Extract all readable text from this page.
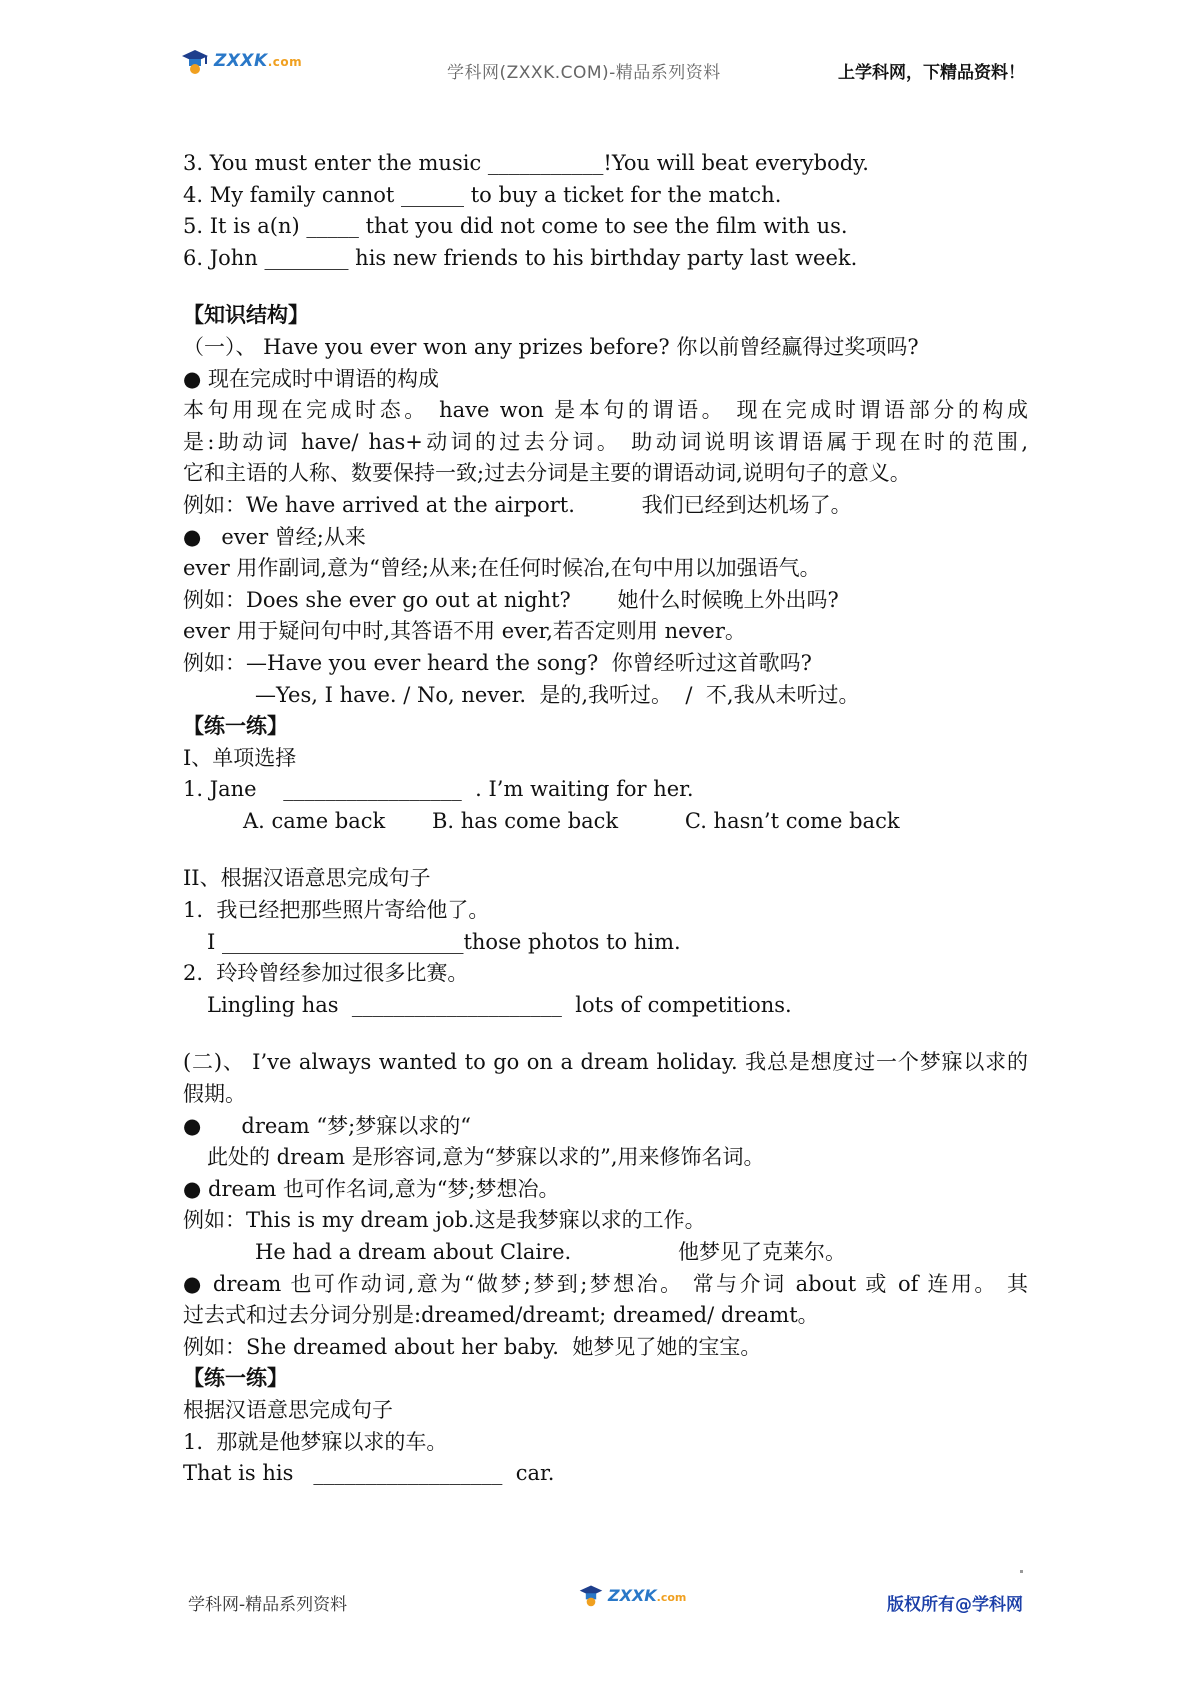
ZXXK.com
学科网(ZXXK.COM)-精品系列资料	上学科网，下精品资料！
3. You must enter the music ___________!You will beat everybody.
4. My family cannot ______ to buy a ticket for the match.
5. It is a(n) _____ that you did not come to see the film with us.
6. John ________ his new friends to his birthday party last week.
【知识结构】
（一）、 Have you ever won any prizes before? 你以前曾经赢得过奖项吗?
● 现在完成时中谓语的构成
本句用现在完成时态。 have won 是本句的谓语。 现在完成时谓语部分的构成
是:助动词 have/ has+动词的过去分词。 助动词说明该谓语属于现在时的范围,
它和主语的人称、数要保持一致;过去分词是主要的谓语动词,说明句子的意义。
例如：We have arrived at the airport.          我们已经到达机场了。
●   ever 曾经;从来
ever 用作副词,意为“曾经;从来;在任何时候冶,在句中用以加强语气。
例如：Does she ever go out at night?       她什么时候晚上外出吗?
ever 用于疑问句中时,其答语不用 ever,若否定则用 never。
例如：—Have you ever heard the song?  你曾经听过这首歌吗?
—Yes, I have. / No, never.  是的,我听过。  /  不,我从未听过。
【练一练】
I、单项选择
1. Jane    _________________  . I’m waiting for her.
A. came back       B. has come back          C. hasn’t come back
II、根据汉语意思完成句子
1.  我已经把那些照片寄给他了。
I _______________________those photos to him.
2.  玲玲曾经参加过很多比赛。
Lingling has  ____________________  lots of competitions.
(二)、 I’ve always wanted to go on a dream holiday. 我总是想度过一个梦寐以求的
假期。
●      dream “梦;梦寐以求的“
此处的 dream 是形容词,意为“梦寐以求的”,用来修饰名词。
● dream 也可作名词,意为“梦;梦想冶。
例如：This is my dream job.这是我梦寐以求的工作。
He had a dream about Claire.                他梦见了克莱尔。
● dream 也可作动词,意为“做梦;梦到;梦想冶。 常与介词 about 或 of 连用。 其
过去式和过去分词分别是:dreamed/dreamt; dreamed/ dreamt。
例如：She dreamed about her baby.  她梦见了她的宝宝。
【练一练】
根据汉语意思完成句子
1.  那就是他梦寐以求的车。
That is his   __________________  car.
学科网-精品系列资料	ZXXK.com	版权所有@学科网
